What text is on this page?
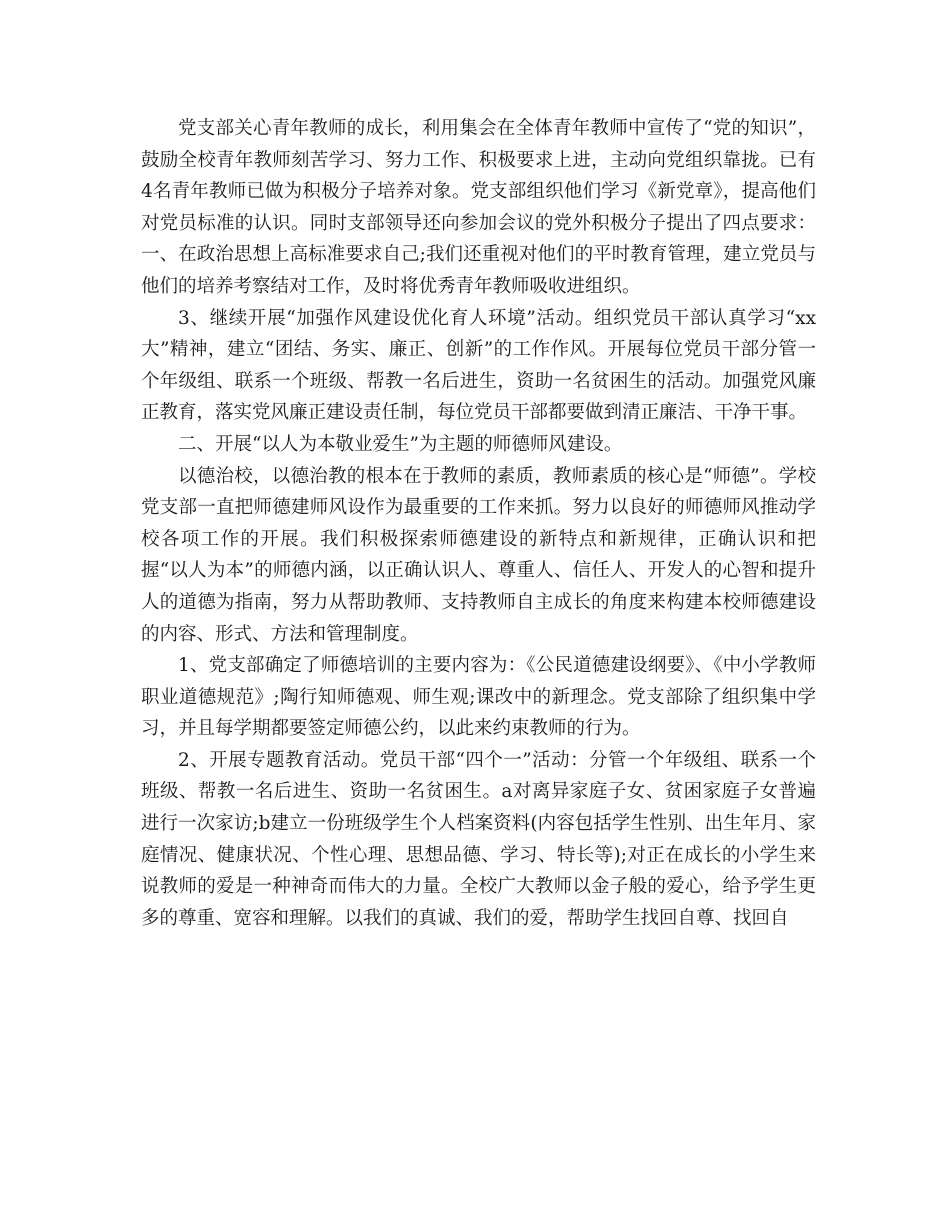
党支部关心青年教师的成长，利用集会在全体青年教师中宣传了“党的知识”，鼓励全校青年教师刻苦学习、努力工作、积极要求上进，主动向党组织靠拢。已有4名青年教师已做为积极分子培养对象。党支部组织他们学习《新党章》，提高他们对党员标准的认识。同时支部领导还向参加会议的党外积极分子提出了四点要求：一、在政治思想上高标准要求自己;我们还重视对他们的平时教育管理，建立党员与他们的培养考察结对工作，及时将优秀青年教师吸收进组织。

3、继续开展“加强作风建设优化育人环境”活动。组织党员干部认真学习“xx大”精神，建立“团结、务实、廉正、创新”的工作作风。开展每位党员干部分管一个年级组、联系一个班级、帮教一名后进生，资助一名贫困生的活动。加强党风廉正教育，落实党风廉正建设责任制，每位党员干部都要做到清正廉洁、干净干事。

二、开展“以人为本敬业爱生”为主题的师德师风建设。

以德治校，以德治教的根本在于教师的素质，教师素质的核心是“师德”。学校党支部一直把师德建师风设作为最重要的工作来抓。努力以良好的师德师风推动学校各项工作的开展。我们积极探索师德建设的新特点和新规律，正确认识和把握“以人为本”的师德内涵，以正确认识人、尊重人、信任人、开发人的心智和提升人的道德为指南，努力从帮助教师、支持教师自主成长的角度来构建本校师德建设的内容、形式、方法和管理制度。

1、党支部确定了师德培训的主要内容为：《公民道德建设纲要》、《中小学教师职业道德规范》;陶行知师德观、师生观;课改中的新理念。党支部除了组织集中学习，并且每学期都要签定师德公约，以此来约束教师的行为。

2、开展专题教育活动。党员干部“四个一”活动：分管一个年级组、联系一个班级、帮教一名后进生、资助一名贫困生。a对离异家庭子女、贫困家庭子女普遍进行一次家访;b建立一份班级学生个人档案资料(内容包括学生性别、出生年月、家庭情况、健康状况、个性心理、思想品德、学习、特长等);对正在成长的小学生来说教师的爱是一种神奇而伟大的力量。全校广大教师以金子般的爱心，给予学生更多的尊重、宽容和理解。以我们的真诚、我们的爱，帮助学生找回自尊、找回自
